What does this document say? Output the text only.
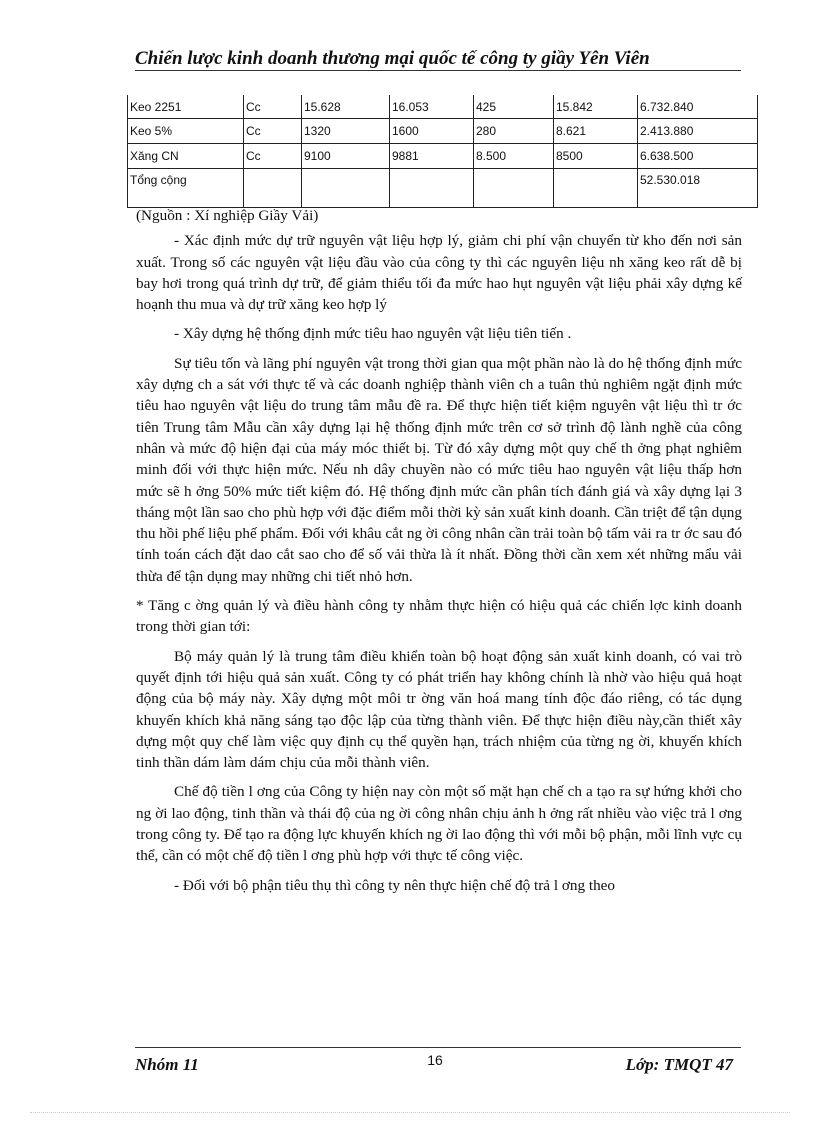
Chiến lược kinh doanh thương mại quốc tế công ty giầy Yên Viên
Keo 2251	Cc	15.628	16.053	425	15.842	6.732.840
Keo 5%	Cc	1320	1600	280	8.621	2.413.880
Xăng CN	Cc	9100	9881	8.500	8500	6.638.500
Tổng cộng						52.530.018

(Nguồn : Xí nghiệp Giầy Vải)

- Xác định mức dự trữ nguyên vật liệu hợp lý, giảm chi phí vận chuyển từ kho đến nơi sản xuất. Trong số các nguyên vật liệu đầu vào của công ty thì các nguyên liệu nh xăng keo rất dễ bị bay hơi trong quá trình dự trữ, để giảm thiểu tối đa mức hao hụt nguyên vật liệu phải xây dựng kế hoạnh thu mua và dự trữ xăng keo hợp lý

- Xây dựng hệ thống định mức tiêu hao nguyên vật liệu tiên tiến .

Sự tiêu tốn và lãng phí nguyên vật trong thời gian qua một phần nào là do hệ thống định mức xây dựng ch a sát với thực tế và các doanh nghiệp thành viên ch a tuân thủ nghiêm ngặt định mức tiêu hao nguyên vật liệu do trung tâm mẫu đề ra. Để thực hiện tiết kiệm nguyên vật liệu thì tr ớc tiên Trung tâm Mẫu cần xây dựng lại hệ thống định mức trên cơ sở trình độ lành nghề của công nhân và mức độ hiện đại của máy móc thiết bị. Từ đó xây dựng một quy chế th ởng phạt nghiêm minh đối với thực hiện mức. Nếu nh dây chuyền nào có mức tiêu hao nguyên vật liệu thấp hơn mức sẽ h ởng 50% mức tiết kiệm đó. Hệ thống định mức cần phân tích đánh giá và xây dựng lại 3 tháng một lần sao cho phù hợp với đặc điểm mỗi thời kỳ sản xuất kinh doanh. Cần triệt để tận dụng thu hồi phế liệu phế phẩm. Đối với khâu cắt ng ời công nhân cần trải toàn bộ tấm vải ra tr ớc sau đó tính toán cách đặt dao cắt sao cho để số vải thừa là ít nhất. Đồng thời cần xem xét những mẩu vải thừa để tận dụng may những chi tiết nhỏ hơn.

* Tăng c ờng quản lý và điều hành công ty nhằm thực hiện có hiệu quả các chiến lợc kinh doanh trong thời gian tới:

Bộ máy quản lý là trung tâm điều khiển toàn bộ hoạt động sản xuất kinh doanh, có vai trò quyết định tới hiệu quả sản xuất. Công ty có phát triển hay không chính là nhờ vào hiệu quả hoạt động của bộ máy này. Xây dựng một môi tr ờng văn hoá mang tính độc đáo riêng, có tác dụng khuyến khích khả năng sáng tạo độc lập của từng thành viên. Để thực hiện điều này,cần thiết xây dựng một quy chế làm việc quy định cụ thể quyền hạn, trách nhiệm của từng ng ời, khuyến khích tinh thần dám làm dám chịu của mỗi thành viên.

Chế độ tiền l ơng của Công ty hiện nay còn một số mặt hạn chế ch a tạo ra sự hứng khởi cho ng ời lao động, tinh thần và thái độ của ng ời công nhân chịu ảnh h ởng rất nhiều vào việc trả l ơng trong công ty. Để tạo ra động lực khuyến khích ng ời lao động thì với mỗi bộ phận, mỗi lĩnh vực cụ thể, cần có một chế độ tiền l ơng phù hợp với thực tế công việc.

- Đối với bộ phận tiêu thụ thì công ty nên thực hiện chế độ trả l ơng theo

Nhóm 11	16	Lớp: TMQT 47
